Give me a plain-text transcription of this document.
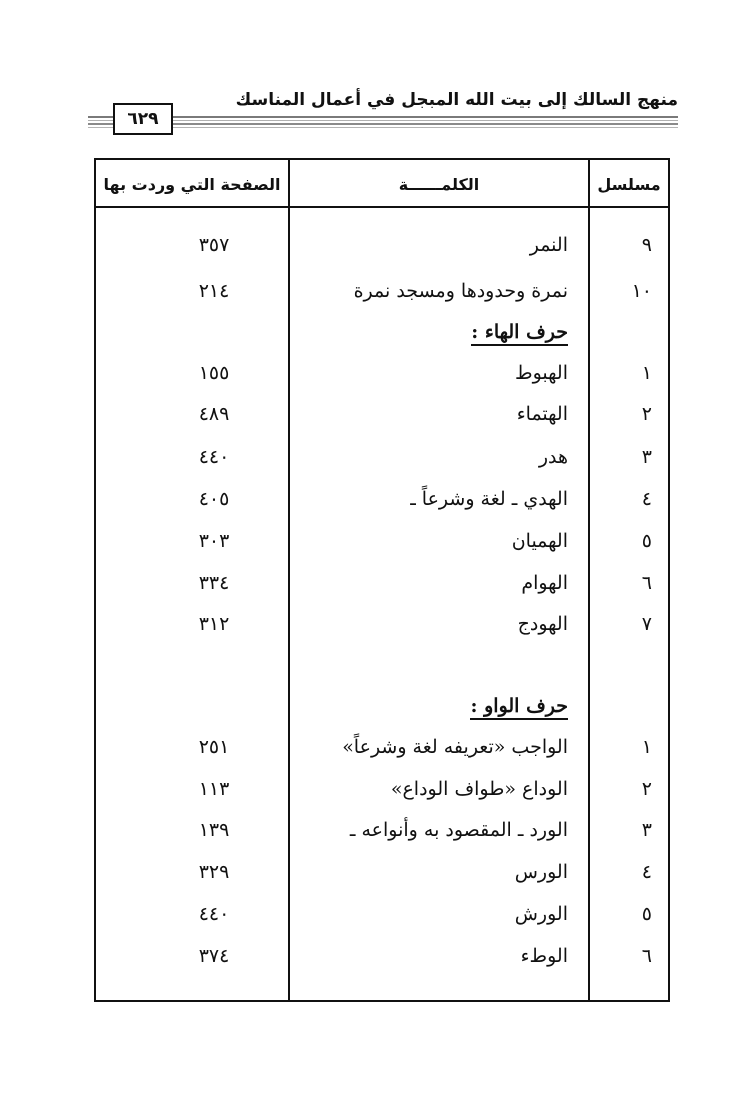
منهج السالك إلى بيت الله المبجل في أعمال المناسك
٦٢٩
مسلسل
الكلمــــــة
الصفحة التي وردت بها
٩
النمر
٣٥٧
١٠
نمرة وحدودها ومسجد نمرة
٢١٤
حرف الهاء :
١
الهبوط
١٥٥
٢
الهتماء
٤٨٩
٣
هدر
٤٤٠
٤
الهدي ـ لغة وشرعاً ـ
٤٠٥
٥
الهميان
٣٠٣
٦
الهوام
٣٣٤
٧
الهودج
٣١٢
حرف الواو :
١
الواجب «تعريفه لغة وشرعاً»
٢٥١
٢
الوداع «طواف الوداع»
١١٣
٣
الورد ـ المقصود به وأنواعه ـ
١٣٩
٤
الورس
٣٢٩
٥
الورش
٤٤٠
٦
الوطء
٣٧٤
